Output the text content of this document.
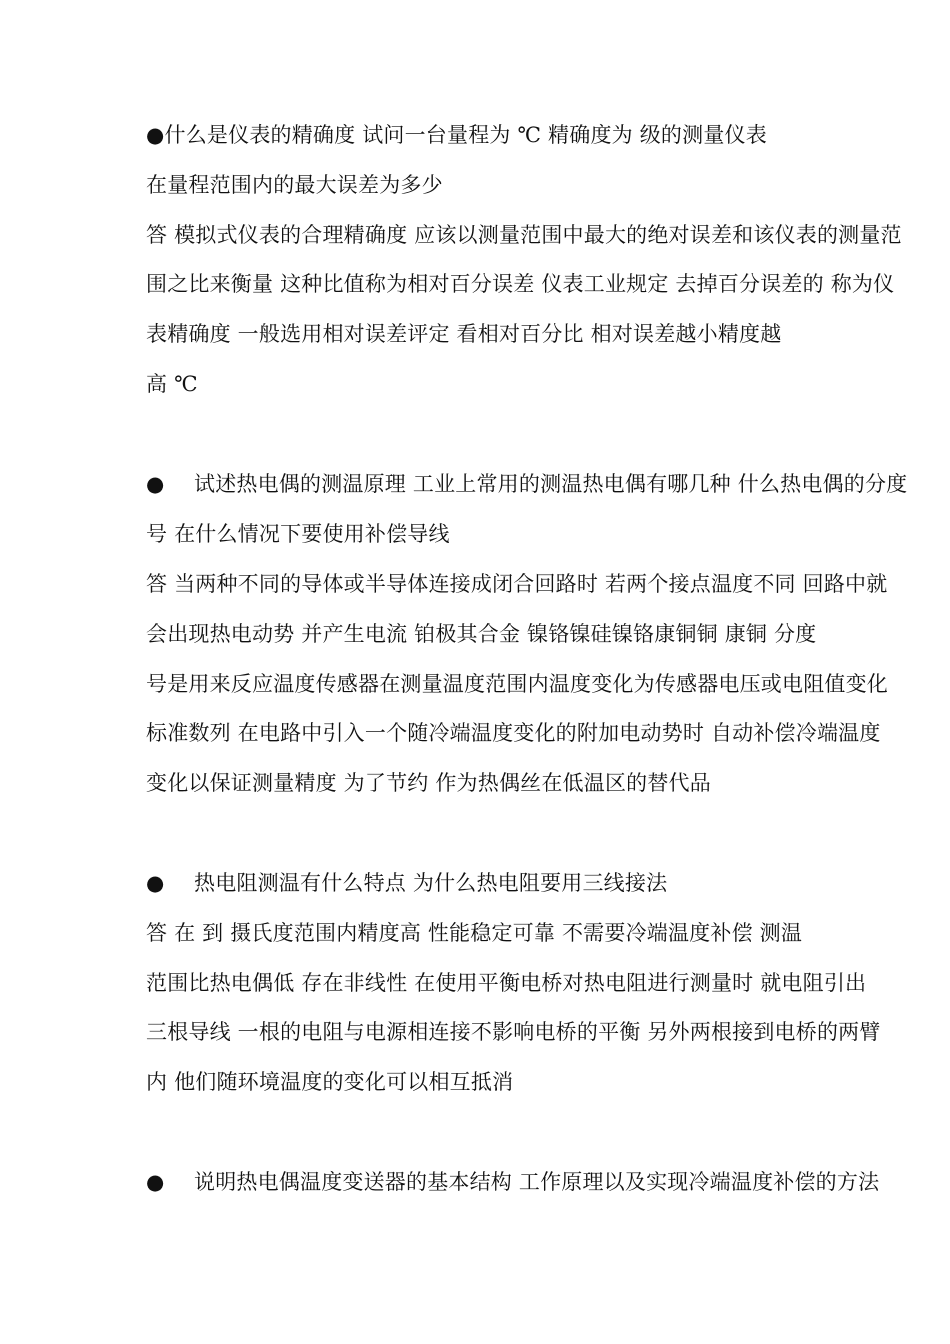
●什么是仪表的精确度 试问一台量程为 ℃ 精确度为 级的测量仪表
在量程范围内的最大误差为多少
答 模拟式仪表的合理精确度 应该以测量范围中最大的绝对误差和该仪表的测量范
围之比来衡量 这种比值称为相对百分误差 仪表工业规定 去掉百分误差的 称为仪
表精确度 一般选用相对误差评定 看相对百分比 相对误差越小精度越
高 ℃
● 试述热电偶的测温原理 工业上常用的测温热电偶有哪几种 什么热电偶的分度
号 在什么情况下要使用补偿导线
答 当两种不同的导体或半导体连接成闭合回路时 若两个接点温度不同 回路中就
会出现热电动势 并产生电流 铂极其合金 镍铬镍硅镍铬康铜铜 康铜 分度
号是用来反应温度传感器在测量温度范围内温度变化为传感器电压或电阻值变化
标准数列 在电路中引入一个随冷端温度变化的附加电动势时 自动补偿冷端温度
变化以保证测量精度 为了节约 作为热偶丝在低温区的替代品
● 热电阻测温有什么特点 为什么热电阻要用三线接法
答 在 到 摄氏度范围内精度高 性能稳定可靠 不需要冷端温度补偿 测温
范围比热电偶低 存在非线性 在使用平衡电桥对热电阻进行测量时 就电阻引出
三根导线 一根的电阻与电源相连接不影响电桥的平衡 另外两根接到电桥的两臂
内 他们随环境温度的变化可以相互抵消
● 说明热电偶温度变送器的基本结构 工作原理以及实现冷端温度补偿的方法
